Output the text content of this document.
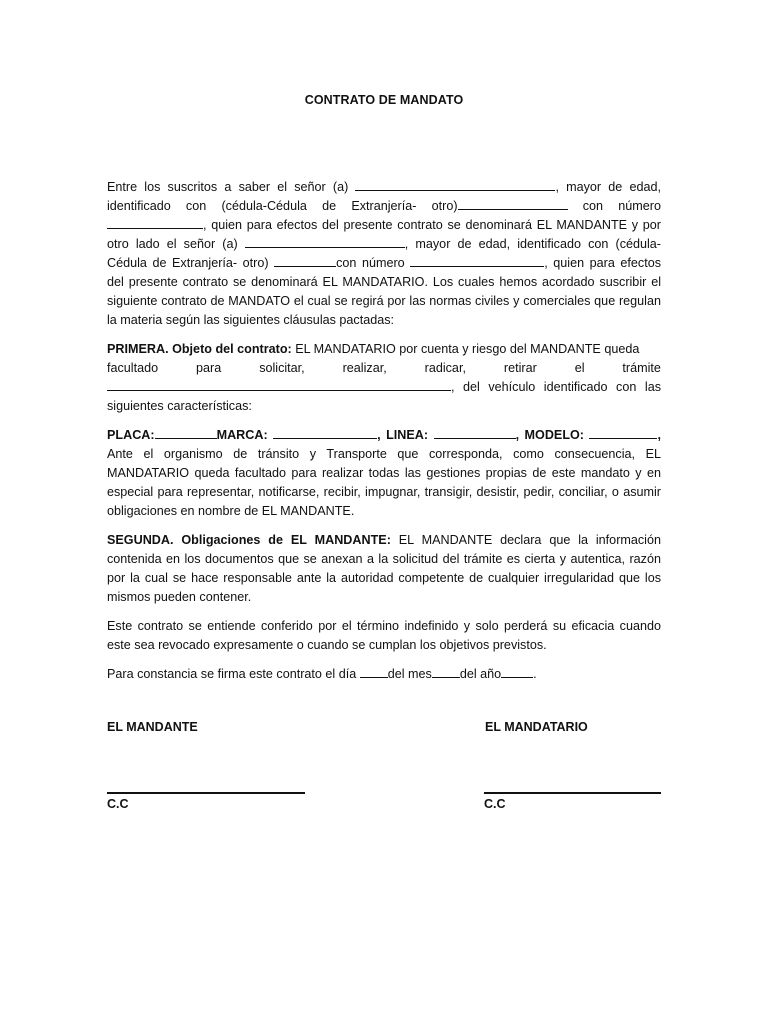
CONTRATO DE MANDATO

Entre los suscritos a saber el señor (a)	, mayor de edad, identificado con (cédula-Cédula de Extranjería- otro)	con número , quien para efectos del presente contrato se denominará EL MANDANTE y por otro lado el señor (a)	, mayor de edad, identificado con (cédula-Cédula de Extranjería- otro)	con número	, quien para efectos del presente contrato se denominará EL MANDATARIO. Los cuales hemos acordado suscribir el siguiente contrato de MANDATO el cual se regirá por las normas civiles y comerciales que regulan la materia según las siguientes cláusulas pactadas:

PRIMERA. Objeto del contrato: EL MANDATARIO por cuenta y riesgo del MANDANTE queda
facultado	para	solicitar,	realizar,	radicar,	retirar	el	trámite
, del vehículo identificado con las siguientes características:

PLACA:	MARCA:	, LINEA:	, MODELO:	, Ante el organismo de tránsito y Transporte que corresponda, como consecuencia, EL MANDATARIO queda facultado para realizar todas las gestiones propias de este mandato y en especial para representar, notificarse, recibir, impugnar, transigir, desistir, pedir, conciliar, o asumir obligaciones en nombre de EL MANDANTE.

SEGUNDA. Obligaciones de EL MANDANTE: EL MANDANTE declara que la información contenida en los documentos que se anexan a la solicitud del trámite es cierta y autentica, razón por la cual se hace responsable ante la autoridad competente de cualquier irregularidad que los mismos pueden contener.

Este contrato se entiende conferido por el término indefinido y solo perderá su eficacia cuando este sea revocado expresamente o cuando se cumplan los objetivos previstos.

Para constancia se firma este contrato el día del mes del año	.

EL MANDANTE	EL MANDATARIO
C.C	C.C
